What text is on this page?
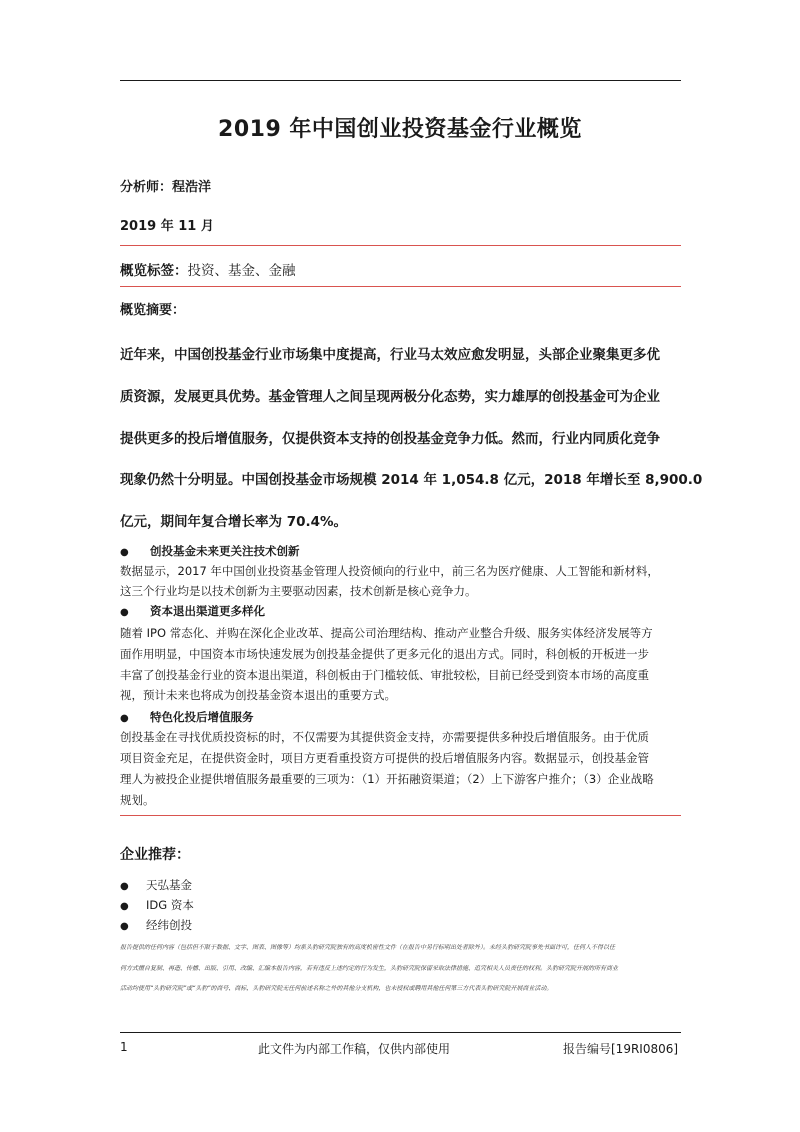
2019 年中国创业投资基金行业概览
分析师：程浩洋
2019 年 11 月
概览标签：投资、基金、金融
概览摘要：
近年来，中国创投基金行业市场集中度提高，行业马太效应愈发明显，头部企业聚集更多优
质资源，发展更具优势。基金管理人之间呈现两极分化态势，实力雄厚的创投基金可为企业
提供更多的投后增值服务，仅提供资本支持的创投基金竞争力低。然而，行业内同质化竞争
现象仍然十分明显。中国创投基金市场规模 2014 年 1,054.8 亿元，2018 年增长至 8,900.0
亿元，期间年复合增长率为 70.4%。
● 创投基金未来更关注技术创新
数据显示，2017 年中国创业投资基金管理人投资倾向的行业中，前三名为医疗健康、人工智能和新材料，
这三个行业均是以技术创新为主要驱动因素，技术创新是核心竞争力。
● 资本退出渠道更多样化
随着 IPO 常态化、并购在深化企业改革、提高公司治理结构、推动产业整合升级、服务实体经济发展等方
面作用明显，中国资本市场快速发展为创投基金提供了更多元化的退出方式。同时，科创板的开板进一步
丰富了创投基金行业的资本退出渠道，科创板由于门槛较低、审批较松，目前已经受到资本市场的高度重
视，预计未来也将成为创投基金资本退出的重要方式。
● 特色化投后增值服务
创投基金在寻找优质投资标的时，不仅需要为其提供资金支持，亦需要提供多种投后增值服务。由于优质
项目资金充足，在提供资金时，项目方更看重投资方可提供的投后增值服务内容。数据显示，创投基金管
理人为被投企业提供增值服务最重要的三项为：（1）开拓融资渠道；（2）上下游客户推介；（3）企业战略
规划。
企业推荐：
● 天弘基金
● IDG 资本
● 经纬创投
报告提供的任何内容（包括但不限于数据、文字、图表、图像等）均系头豹研究院独有的高度机密性文件（在报告中另行标明出处者除外）。未经头豹研究院事先书面许可，任何人不得以任
何方式擅自复制、再造、传播、出版、引用、改编、汇编本报告内容，若有违反上述约定的行为发生，头豹研究院保留采取法律措施、追究相关人员责任的权利。头豹研究院开展的所有商业
活动均使用“头豹研究院”或“头豹”的商号、商标，头豹研究院无任何前述名称之外的其他分支机构，也未授权或聘用其他任何第三方代表头豹研究院开展商业活动。
1	此文件为内部工作稿，仅供内部使用	报告编号[19RI0806]
